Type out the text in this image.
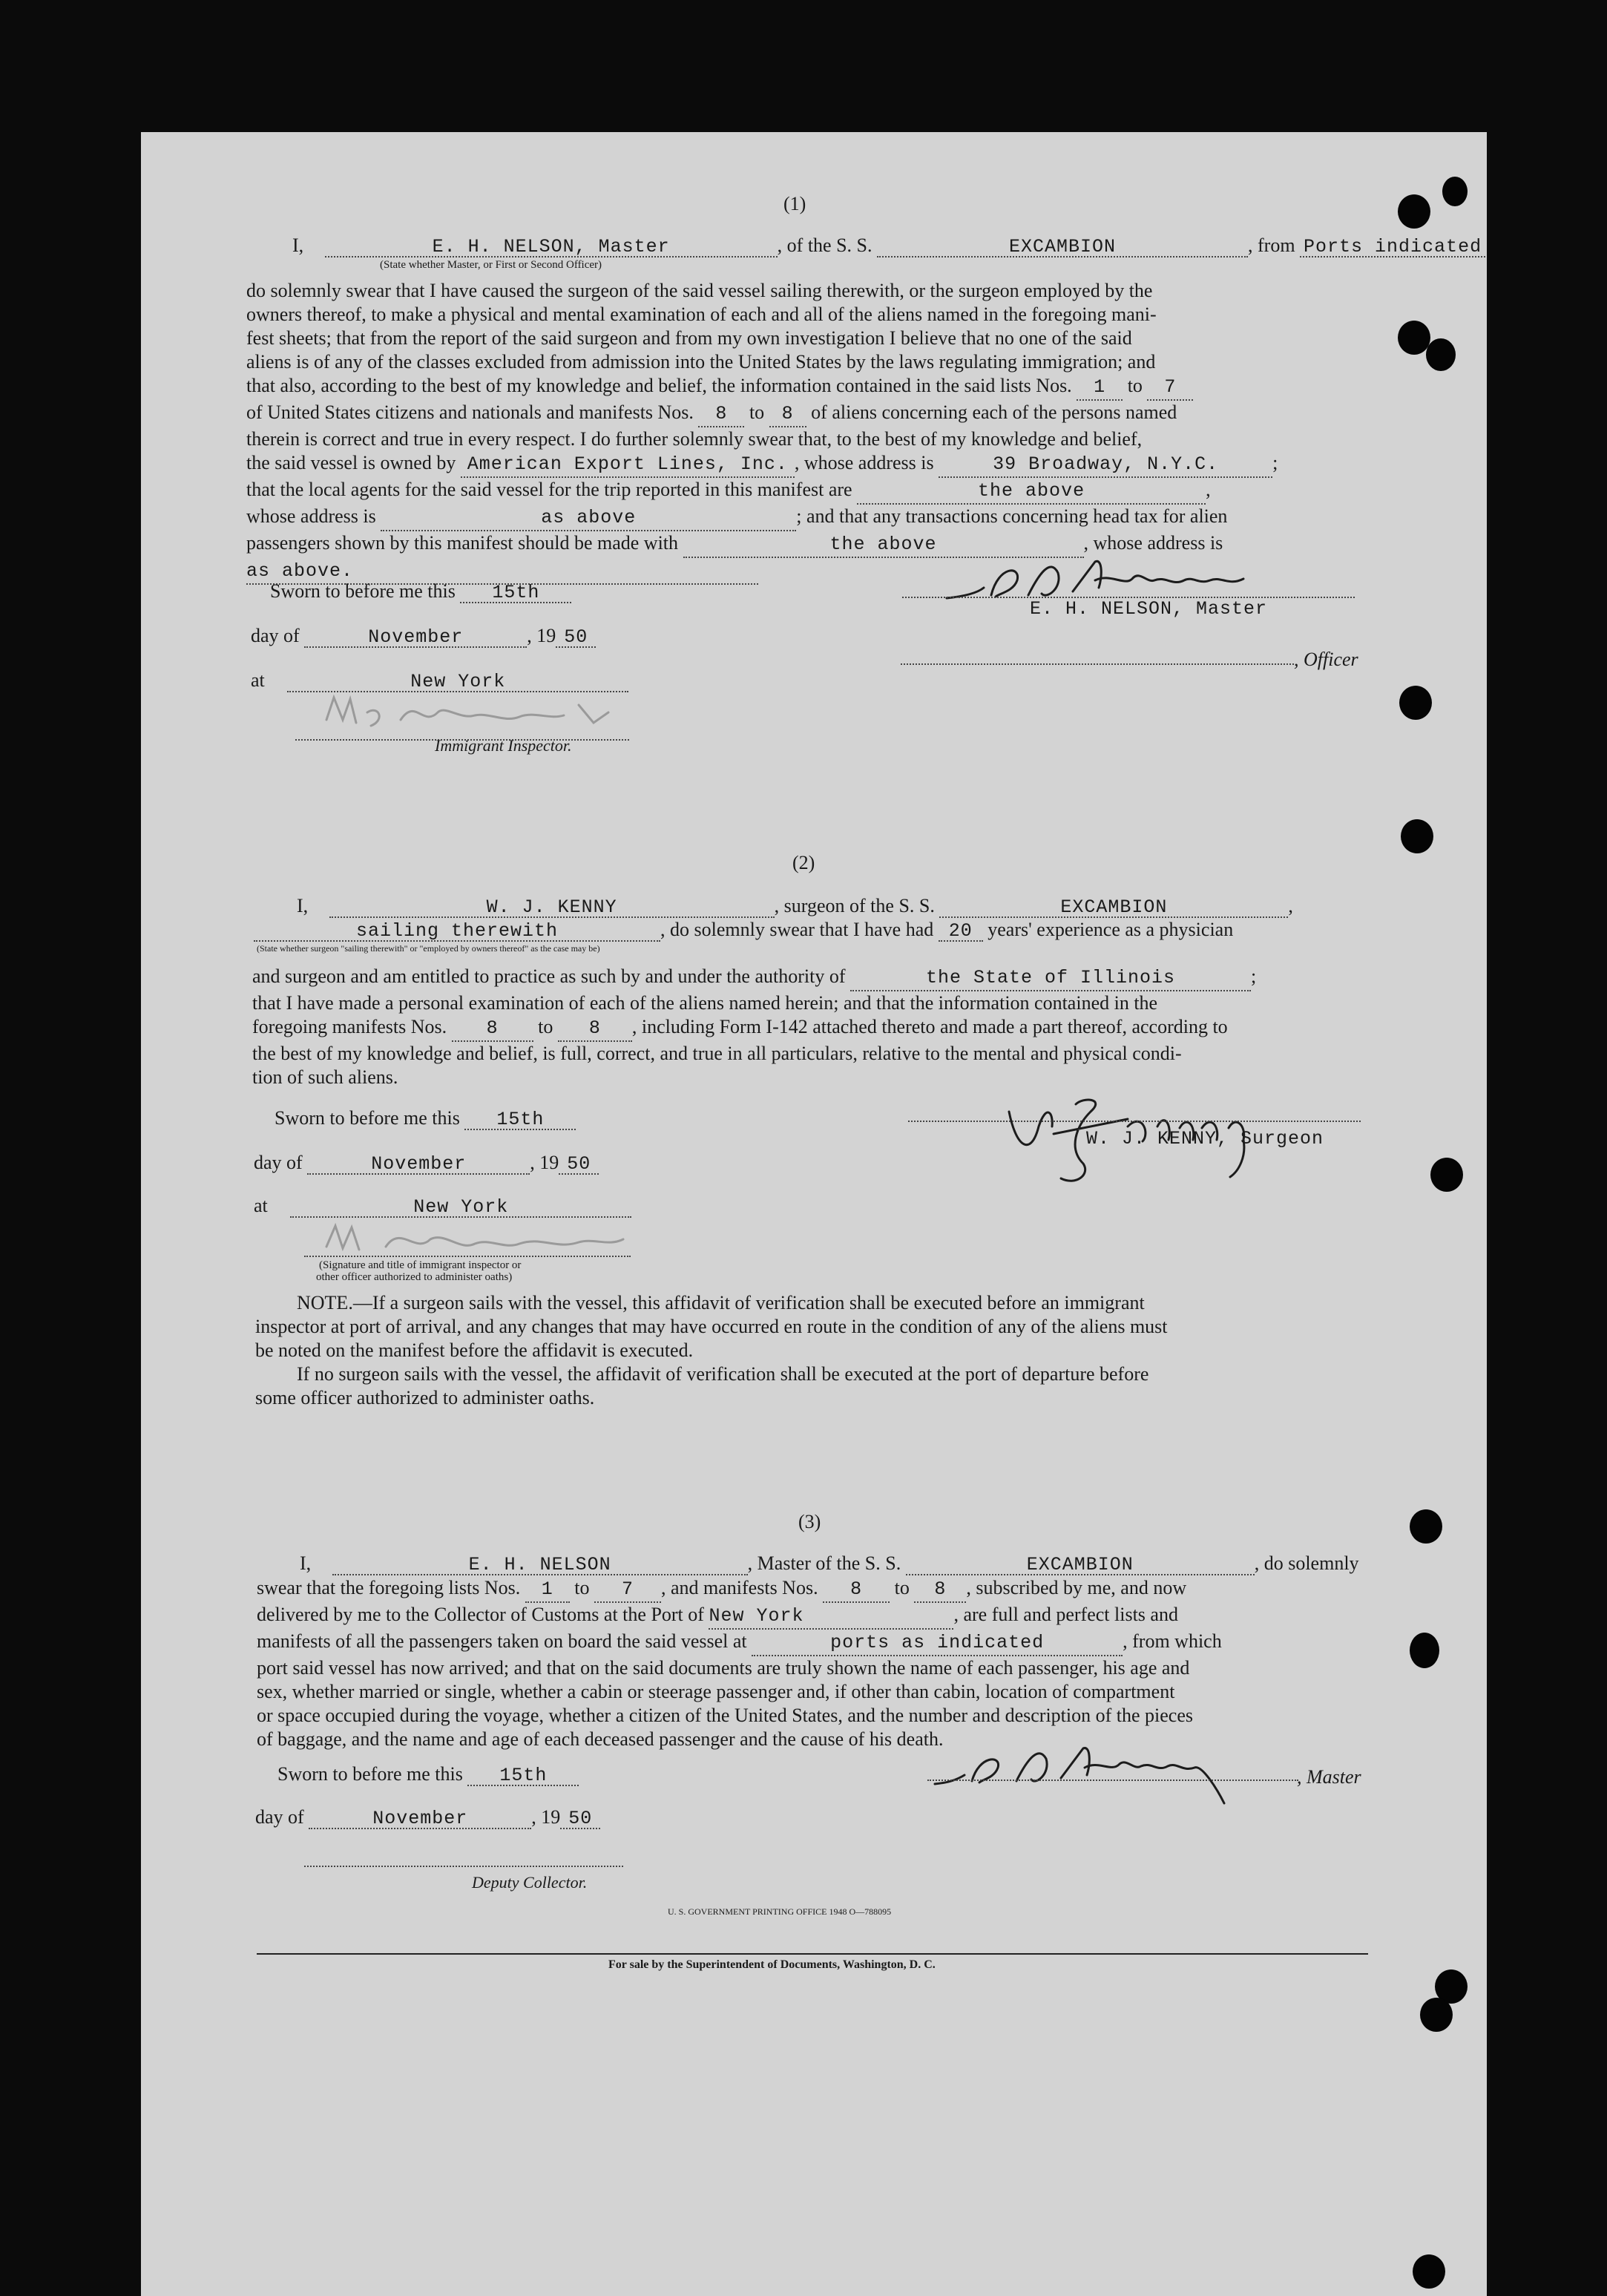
(1)
I,	E. H. NELSON, Master	, of the S. S.	EXCAMBION	, from Ports indicated
(State whether Master, or First or Second Officer)
do solemnly swear that I have caused the surgeon of the said vessel sailing therewith, or the surgeon employed by the
owners thereof, to make a physical and mental examination of each and all of the aliens named in the foregoing mani-
fest sheets; that from the report of the said surgeon and from my own investigation I believe that no one of the said
aliens is of any of the classes excluded from admission into the United States by the laws regulating immigration; and
that also, according to the best of my knowledge and belief, the information contained in the said lists Nos. 1 to 7
of United States citizens and nationals and manifests Nos. 8 to 8 of aliens concerning each of the persons named
therein is correct and true in every respect. I do further solemnly swear that, to the best of my knowledge and belief,
the said vessel is owned by American Export Lines, Inc. , whose address is	39 Broadway, N.Y.C.	;
that the local agents for the said vessel for the trip reported in this manifest are	the above	,
whose address is	as above	; and that any transactions concerning head tax for alien
passengers shown by this manifest should be made with	the above	, whose address is
as above.
Sworn to before me this 15th
day of	November	, 19 50
at	New York
Immigrant Inspector.
E. H. NELSON, Master
, Officer
(2)
I,	W. J. KENNY	, surgeon of the S. S.	EXCAMBION	,
sailing therewith	, do solemnly swear that I have had 20 years' experience as a physician
(State whether surgeon "sailing therewith" or "employed by owners thereof" as the case may be)
and surgeon and am entitled to practice as such by and under the authority of	the State of Illinois	;
that I have made a personal examination of each of the aliens named herein; and that the information contained in the
foregoing manifests Nos. 8 to 8 , including Form I-142 attached thereto and made a part thereof, according to
the best of my knowledge and belief, is full, correct, and true in all particulars, relative to the mental and physical condi-
tion of such aliens.
Sworn to before me this 15th
day of	November	, 19 50
at	New York
(Signature and title of immigrant inspector or
other officer authorized to administer oaths)
W. J. KENNY, Surgeon
NOTE.—If a surgeon sails with the vessel, this affidavit of verification shall be executed before an immigrant
inspector at port of arrival, and any changes that may have occurred en route in the condition of any of the aliens must
be noted on the manifest before the affidavit is executed.
If no surgeon sails with the vessel, the affidavit of verification shall be executed at the port of departure before
some officer authorized to administer oaths.
(3)
I,	E. H. NELSON	, Master of the S. S.	EXCAMBION	, do solemnly
swear that the foregoing lists Nos. 1 to 7 , and manifests Nos. 8 to 8 , subscribed by me, and now
delivered by me to the Collector of Customs at the Port of New York	, are full and perfect lists and
manifests of all the passengers taken on board the said vessel at	ports as indicated	, from which
port said vessel has now arrived; and that on the said documents are truly shown the name of each passenger, his age and
sex, whether married or single, whether a cabin or steerage passenger and, if other than cabin, location of compartment
or space occupied during the voyage, whether a citizen of the United States, and the number and description of the pieces
of baggage, and the name and age of each deceased passenger and the cause of his death.
Sworn to before me this 15th
day of	November	, 19 50
, Master
Deputy Collector.
U. S. GOVERNMENT PRINTING OFFICE 1948 O—788095
For sale by the Superintendent of Documents, Washington, D. C.
